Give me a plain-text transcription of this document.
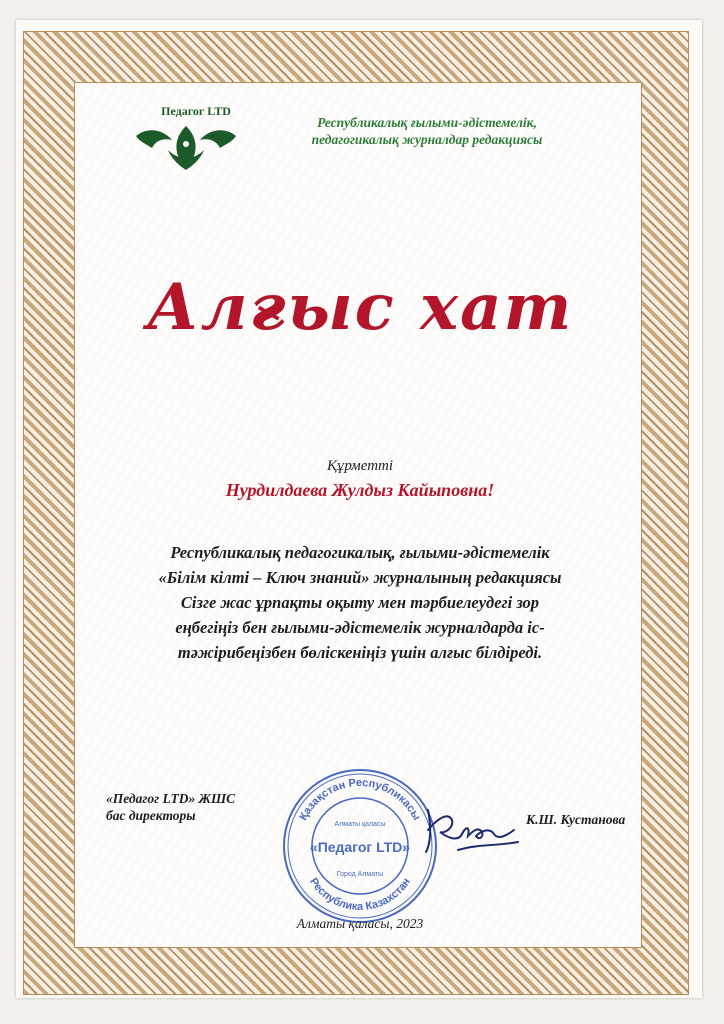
Педагог LTD
Республикалық ғылыми-әдістемелік,
педагогикалық журналдар редакциясы
Алғыс хат
Құрметті
Нурдилдаева Жулдыз Кайыповна!
Республикалық педагогикалық, ғылыми-әдістемелік
«Білім кілті – Ключ знаний» журналының редакциясы
Сізге жас ұрпақты оқыту мен тәрбиелеудегі зор
еңбегіңіз бен ғылыми-әдістемелік журналдарда іс-
тәжірибеңізбен бөліскеніңіз үшін алғыс білдіреді.
«Педагог LTD» ЖШС
бас директоры	Қазақстан Республикасы
Республика Казахстан
Алматы қаласы
«Педагог LTD»
Город Алматы
К.Ш. Кустанова
Алматы қаласы, 2023
